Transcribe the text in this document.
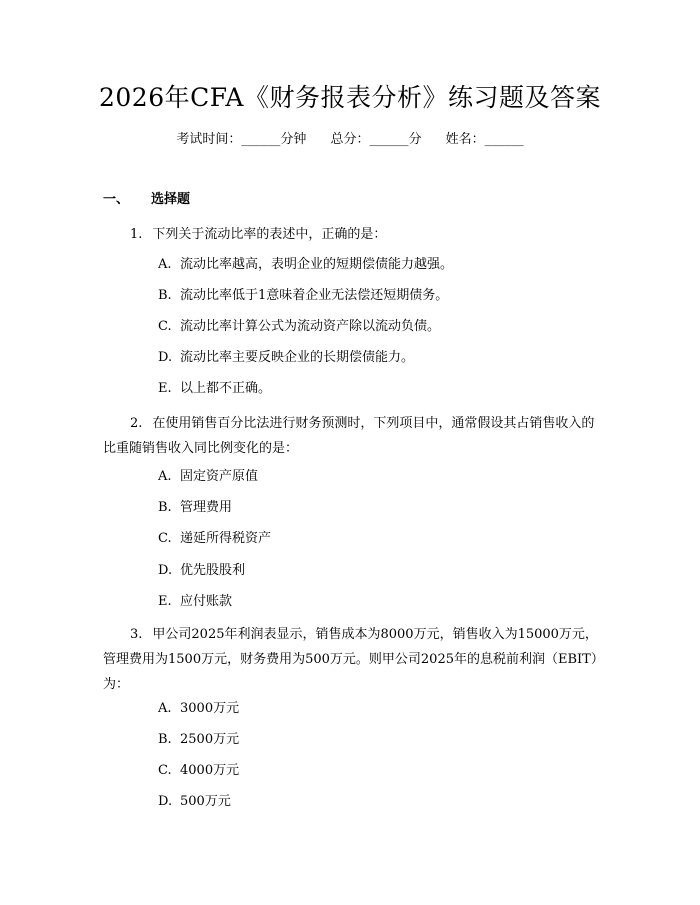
2026年CFA《财务报表分析》练习题及答案
考试时间：______分钟 总分：______分 姓名：______
一、 选择题

1. 下列关于流动比率的表述中，正确的是：

A. 流动比率越高，表明企业的短期偿债能力越强。
B. 流动比率低于1意味着企业无法偿还短期债务。
C. 流动比率计算公式为流动资产除以流动负债。
D. 流动比率主要反映企业的长期偿债能力。
E. 以上都不正确。

2. 在使用销售百分比法进行财务预测时，下列项目中，通常假设其占销售收入的比重随销售收入同比例变化的是：

A. 固定资产原值
B. 管理费用
C. 递延所得税资产
D. 优先股股利
E. 应付账款

3. 甲公司2025年利润表显示，销售成本为8000万元，销售收入为15000万元，管理费用为1500万元，财务费用为500万元。则甲公司2025年的息税前利润（EBIT）为：

A. 3000万元
B. 2500万元
C. 4000万元
D. 500万元
